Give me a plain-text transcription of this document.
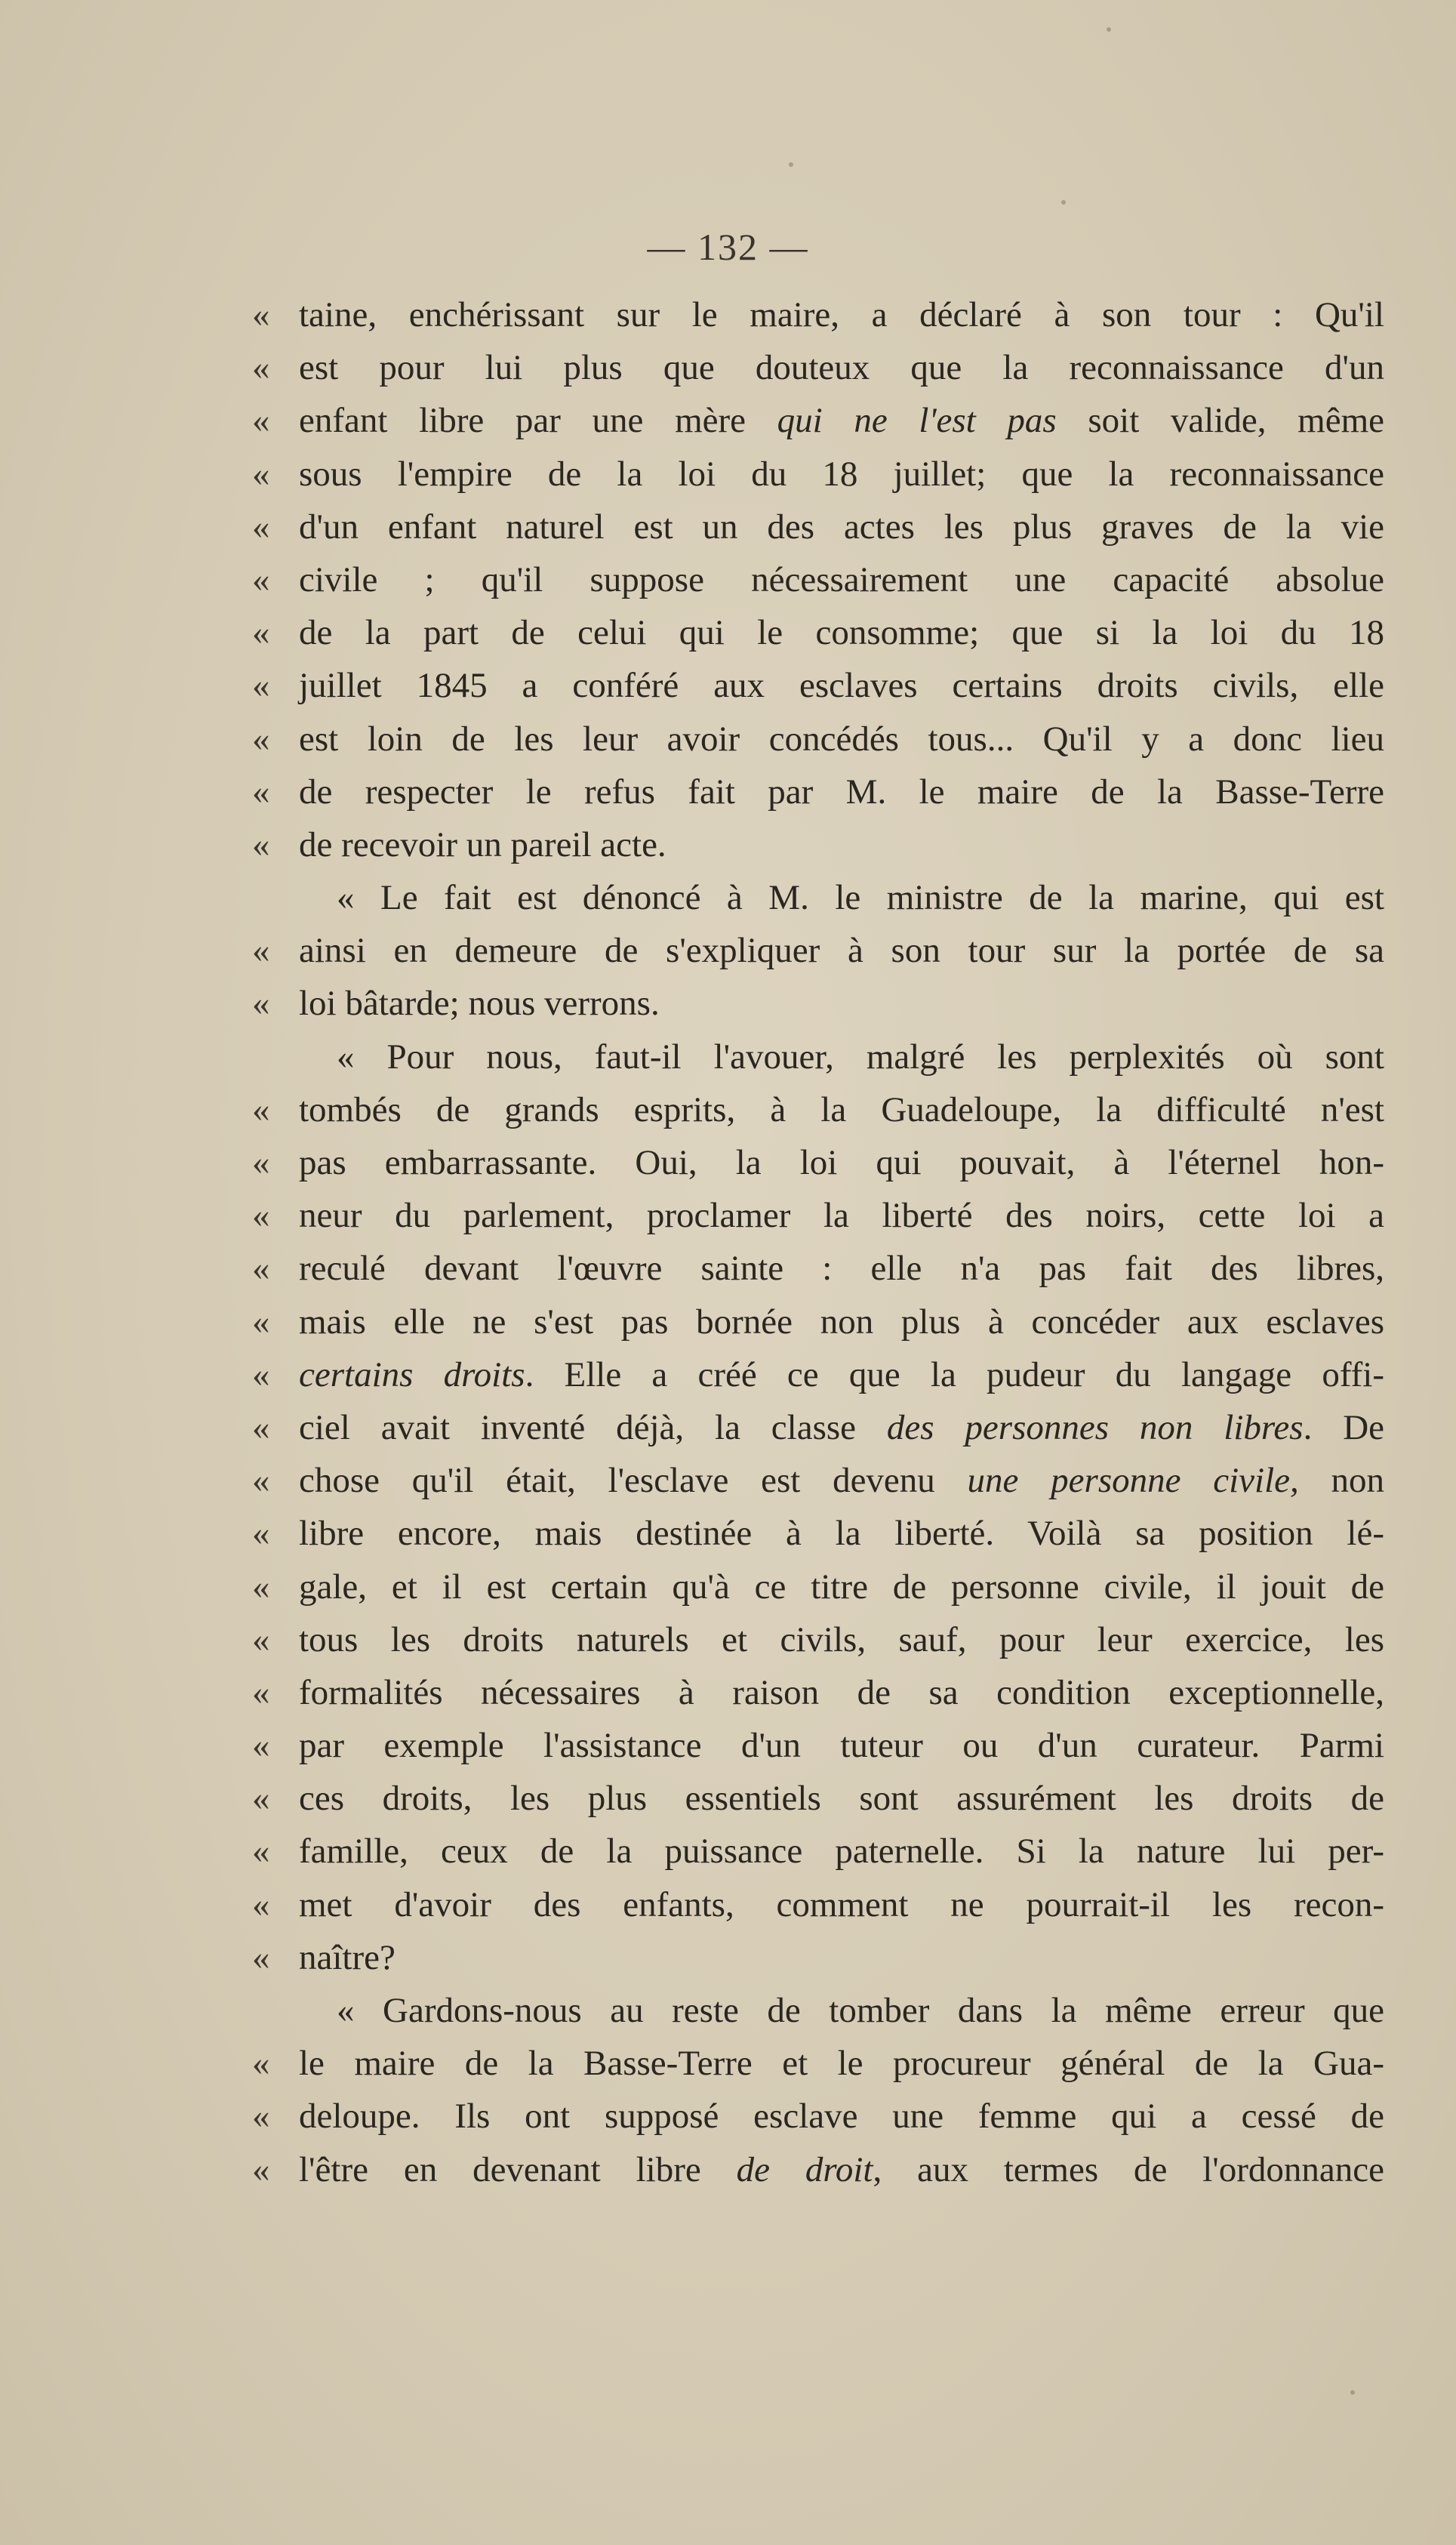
— 132 —
« taine, enchérissant sur le maire, a déclaré à son tour : Qu'il
« est pour lui plus que douteux que la reconnaissance d'un
« enfant libre par une mère qui ne l'est pas soit valide, même
« sous l'empire de la loi du 18 juillet; que la reconnaissance
« d'un enfant naturel est un des actes les plus graves de la vie
« civile ; qu'il suppose nécessairement une capacité absolue
« de la part de celui qui le consomme; que si la loi du 18
« juillet 1845 a conféré aux esclaves certains droits civils, elle
« est loin de les leur avoir concédés tous... Qu'il y a donc lieu
« de respecter le refus fait par M. le maire de la Basse-Terre
« de recevoir un pareil acte.
« Le fait est dénoncé à M. le ministre de la marine, qui est
« ainsi en demeure de s'expliquer à son tour sur la portée de sa
« loi bâtarde; nous verrons.
« Pour nous, faut-il l'avouer, malgré les perplexités où sont
« tombés de grands esprits, à la Guadeloupe, la difficulté n'est
« pas embarrassante. Oui, la loi qui pouvait, à l'éternel hon-
« neur du parlement, proclamer la liberté des noirs, cette loi a
« reculé devant l'œuvre sainte : elle n'a pas fait des libres,
« mais elle ne s'est pas bornée non plus à concéder aux esclaves
« certains droits. Elle a créé ce que la pudeur du langage offi-
« ciel avait inventé déjà, la classe des personnes non libres. De
« chose qu'il était, l'esclave est devenu une personne civile, non
« libre encore, mais destinée à la liberté. Voilà sa position lé-
« gale, et il est certain qu'à ce titre de personne civile, il jouit de
« tous les droits naturels et civils, sauf, pour leur exercice, les
« formalités nécessaires à raison de sa condition exceptionnelle,
« par exemple l'assistance d'un tuteur ou d'un curateur. Parmi
« ces droits, les plus essentiels sont assurément les droits de
« famille, ceux de la puissance paternelle. Si la nature lui per-
« met d'avoir des enfants, comment ne pourrait-il les recon-
« naître?
« Gardons-nous au reste de tomber dans la même erreur que
« le maire de la Basse-Terre et le procureur général de la Gua-
« deloupe. Ils ont supposé esclave une femme qui a cessé de
« l'être en devenant libre de droit, aux termes de l'ordonnance
